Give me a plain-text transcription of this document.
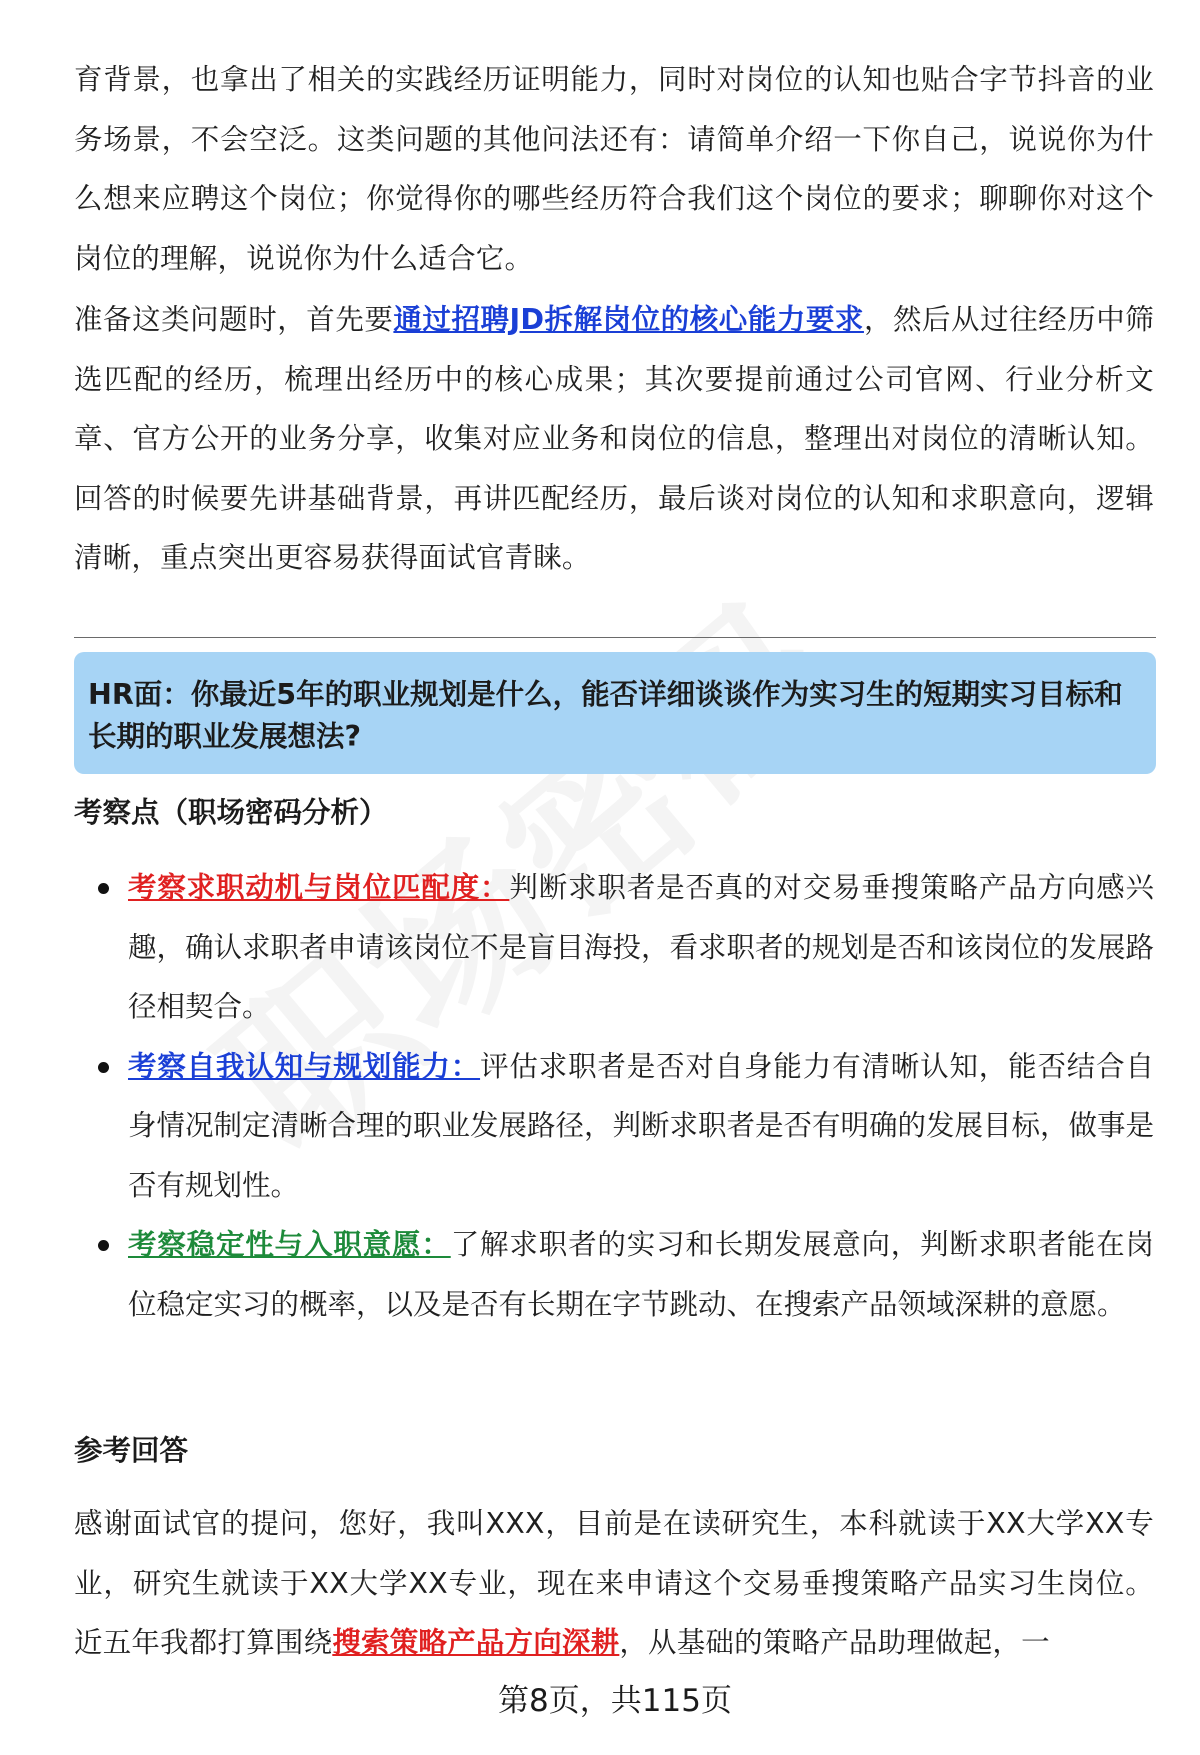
育背景，也拿出了相关的实践经历证明能力，同时对岗位的认知也贴合字节抖音的业务场景，不会空泛。这类问题的其他问法还有：请简单介绍一下你自己，说说你为什么想来应聘这个岗位；你觉得你的哪些经历符合我们这个岗位的要求；聊聊你对这个岗位的理解，说说你为什么适合它。

准备这类问题时，首先要通过招聘JD拆解岗位的核心能力要求，然后从过往经历中筛选匹配的经历，梳理出经历中的核心成果；其次要提前通过公司官网、行业分析文章、官方公开的业务分享，收集对应业务和岗位的信息，整理出对岗位的清晰认知。回答的时候要先讲基础背景，再讲匹配经历，最后谈对岗位的认知和求职意向，逻辑清晰，重点突出更容易获得面试官青睐。

HR面：你最近5年的职业规划是什么，能否详细谈谈作为实习生的短期实习目标和长期的职业发展想法?

考察点（职场密码分析）

考察求职动机与岗位匹配度：判断求职者是否真的对交易垂搜策略产品方向感兴趣，确认求职者申请该岗位不是盲目海投，看求职者的规划是否和该岗位的发展路径相契合。
考察自我认知与规划能力：评估求职者是否对自身能力有清晰认知，能否结合自身情况制定清晰合理的职业发展路径，判断求职者是否有明确的发展目标，做事是否有规划性。
考察稳定性与入职意愿：了解求职者的实习和长期发展意向，判断求职者能在岗位稳定实习的概率，以及是否有长期在字节跳动、在搜索产品领域深耕的意愿。

参考回答

感谢面试官的提问，您好，我叫XXX，目前是在读研究生，本科就读于XX大学XX专业，研究生就读于XX大学XX专业，现在来申请这个交易垂搜策略产品实习生岗位。近五年我都打算围绕搜索策略产品方向深耕，从基础的策略产品助理做起，一

第8页，共115页
